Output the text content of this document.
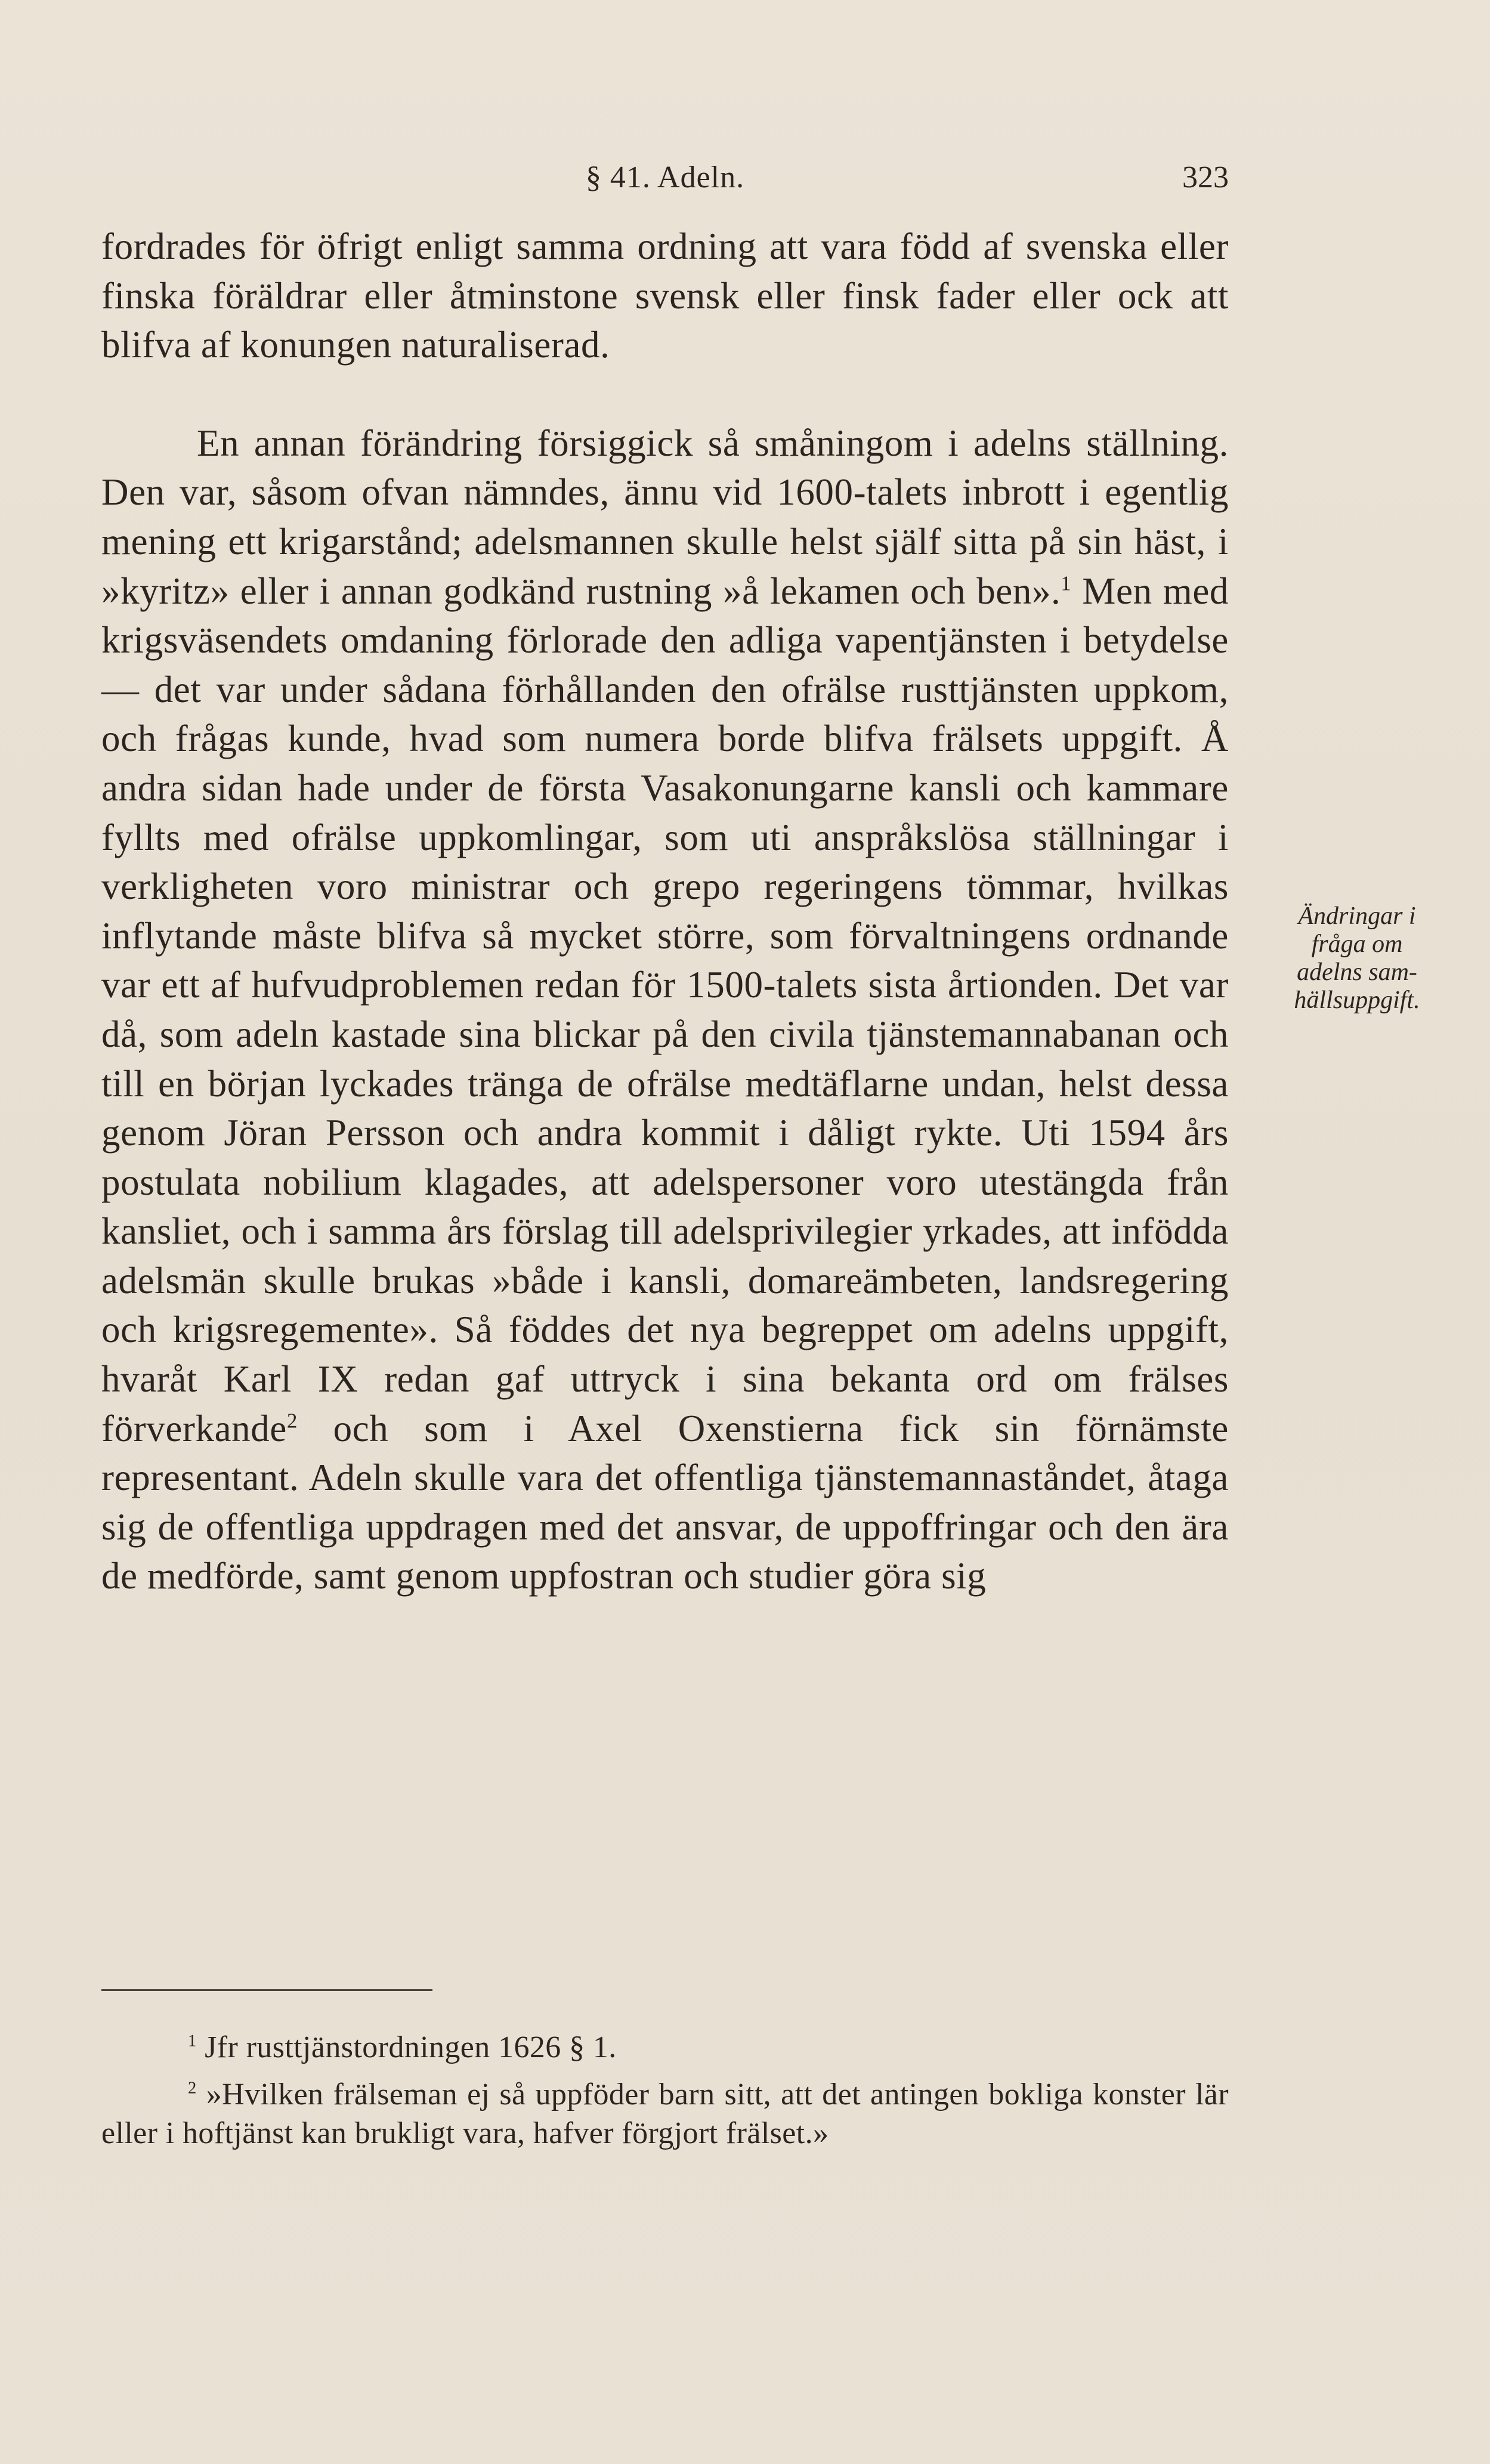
§ 41. Adeln.	323

fordrades för öfrigt enligt samma ordning att vara född af svenska eller finska föräldrar eller åtminstone svensk eller finsk fader eller ock att blifva af konungen naturaliserad.

En annan förändring försiggick så småningom i adelns ställning. Den var, såsom ofvan nämndes, ännu vid 1600-talets inbrott i egentlig mening ett krigarstånd; adelsmannen skulle helst själf sitta på sin häst, i »kyritz» eller i annan godkänd rustning »å lekamen och ben».$^1$ Men med krigsväsendets omdaning förlorade den adliga vapentjänsten i betydelse — det var under sådana förhållanden den ofrälse rusttjänsten uppkom, och frågas kunde, hvad som numera borde blifva frälsets uppgift. Å andra sidan hade under de första Vasakonungarne kansli och kammare fyllts med ofrälse uppkomlingar, som uti anspråkslösa ställningar i verkligheten voro ministrar och grepo regeringens tömmar, hvilkas inflytande måste blifva så mycket större, som förvaltningens ordnande var ett af hufvudproblemen redan för 1500-talets sista årtionden. Det var då, som adeln kastade sina blickar på den civila tjänstemannabanan och till en början lyckades tränga de ofrälse medtäflarne undan, helst dessa genom Jöran Persson och andra kommit i dåligt rykte. Uti 1594 års postulata nobilium klagades, att adelspersoner voro utestängda från kansliet, och i samma års förslag till adelsprivilegier yrkades, att infödda adelsmän skulle brukas »både i kansli, domareämbeten, landsregering och krigsregemente». Så föddes det nya begreppet om adelns uppgift, hvaråt Karl IX redan gaf uttryck i sina bekanta ord om frälses förverkande$^2$ och som i Axel Oxenstierna fick sin förnämste representant. Adeln skulle vara det offentliga tjänstemannaståndet, åtaga sig de offentliga uppdragen med det ansvar, de uppoffringar och den ära de medförde, samt genom uppfostran och studier göra sig

Ändringar i
fråga om
adelns sam-
hällsuppgift.

$^1$ Jfr rusttjänstordningen 1626 § 1.

$^2$ »Hvilken frälseman ej så uppföder barn sitt, att det antingen bokliga konster lär eller i hoftjänst kan brukligt vara, hafver förgjort frälset.»
